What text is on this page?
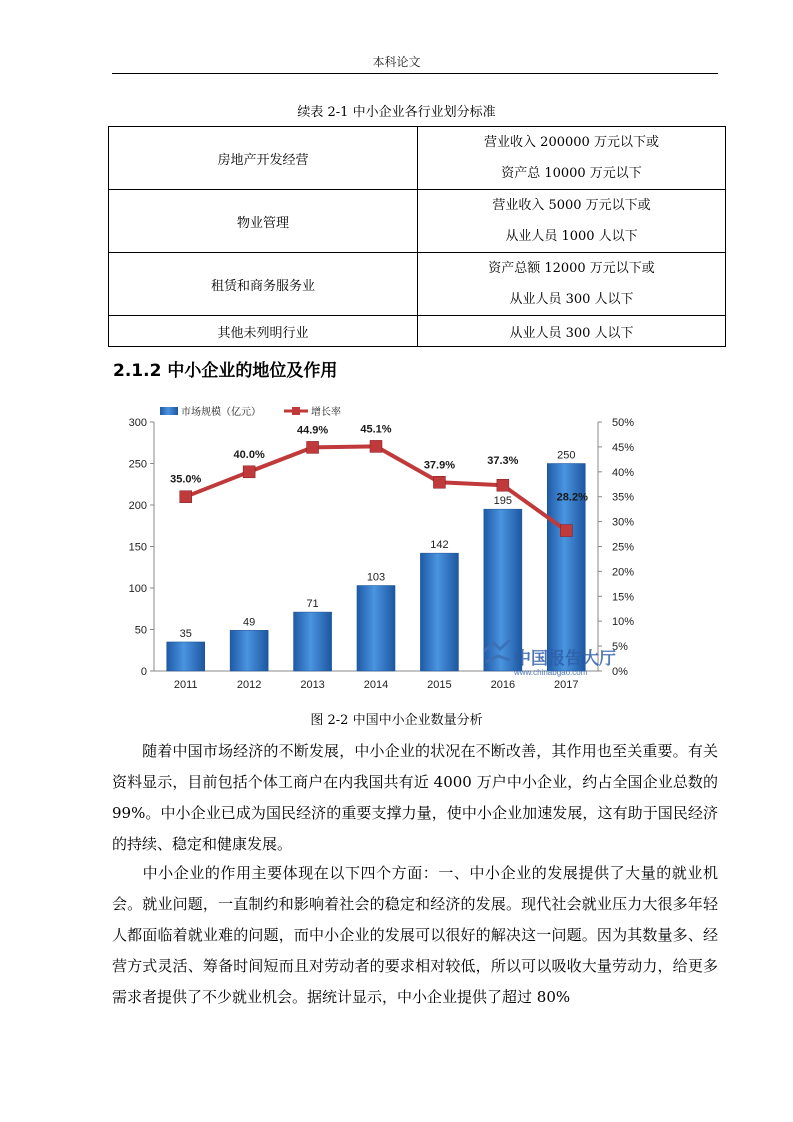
本科论文
续表 2-1 中小企业各行业划分标准
房地产开发经营	营业收入 200000 万元以下或
资产总 10000 万元以下

物业管理	营业收入 5000 万元以下或
从业人员 1000 人以下

租赁和商务服务业	资产总额 12000 万元以下或
从业人员 300 人以下

其他未列明行业	从业人员 300 人以下
2.1.2 中小企业的地位及作用
0
50
100
150
200
250
300
0%
5%
10%
15%
20%
25%
30%
35%
40%
45%
50%
35
2011
49
2012
71
2013
103
2014
142
2015
195
2016
250
2017
35.0%
40.0%
44.9%	45.1%
37.9%	37.3%
28.2%
市场规模（亿元）	增长率
中国报告大厅
www.chinabgao.com
图 2-2 中国中小企业数量分析
随着中国市场经济的不断发展，中小企业的状况在不断改善，其作用也至关重要。有关资料显示，目前包括个体工商户在内我国共有近 4000 万户中小企业，约占全国企业总数的 99%。中小企业已成为国民经济的重要支撑力量，使中小企业加速发展，这有助于国民经济的持续、稳定和健康发展。
中小企业的作用主要体现在以下四个方面：一、中小企业的发展提供了大量的就业机会。就业问题，一直制约和影响着社会的稳定和经济的发展。现代社会就业压力大很多年轻人都面临着就业难的问题，而中小企业的发展可以很好的解决这一问题。因为其数量多、经营方式灵活、筹备时间短而且对劳动者的要求相对较低，所以可以吸收大量劳动力，给更多需求者提供了不少就业机会。据统计显示，中小企业提供了超过 80%
